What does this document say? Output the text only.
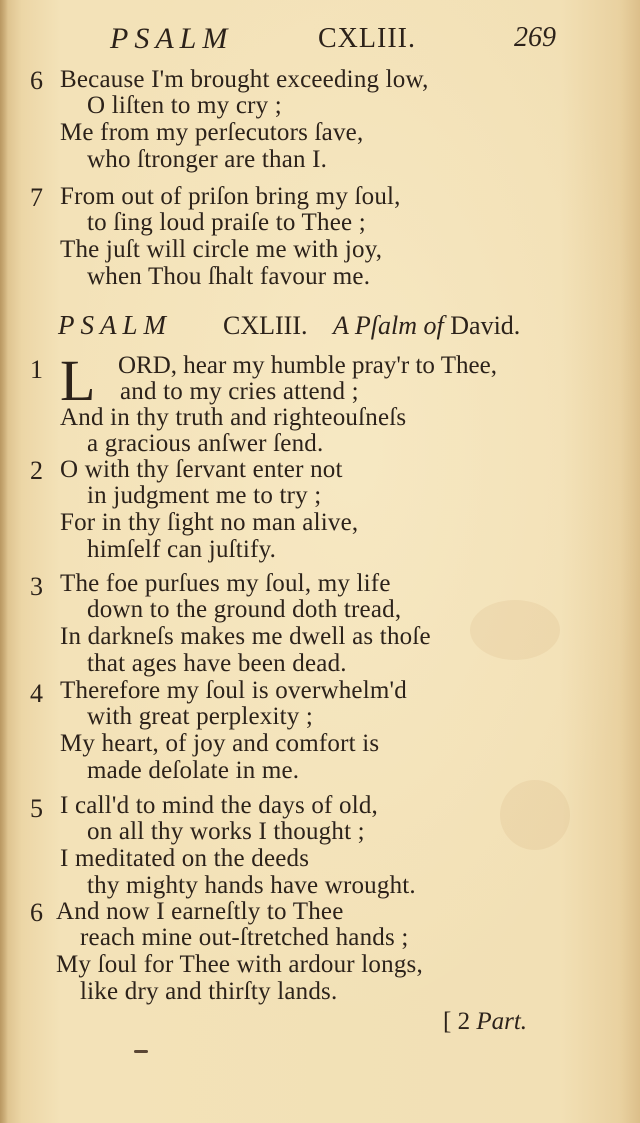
PSALM	CXLIII.	269
6 Because I'm brought exceeding low,
O liſten to my cry ;
Me from my perſecutors ſave,
who ſtronger are than I.
7 From out of priſon bring my ſoul,
to ſing loud praiſe to Thee ;
The juſt will circle me with joy,
when Thou ſhalt favour me.
PSALM CXLIII. A Pſalm of David.
1 L ORD, hear my humble pray'r to Thee,
and to my cries attend ;
And in thy truth and righteouſneſs
a gracious anſwer ſend.
2 O with thy ſervant enter not
in judgment me to try ;
For in thy ſight no man alive,
himſelf can juſtify.
3 The foe purſues my ſoul, my life
down to the ground doth tread,
In darkneſs makes me dwell as thoſe
that ages have been dead.
4 Therefore my ſoul is overwhelm'd
with great perplexity ;
My heart, of joy and comfort is
made deſolate in me.
5 I call'd to mind the days of old,
on all thy works I thought ;
I meditated on the deeds
thy mighty hands have wrought.
6 And now I earneſtly to Thee
reach mine out-ſtretched hands ;
My ſoul for Thee with ardour longs,
like dry and thirſty lands.
[ 2 Part.
